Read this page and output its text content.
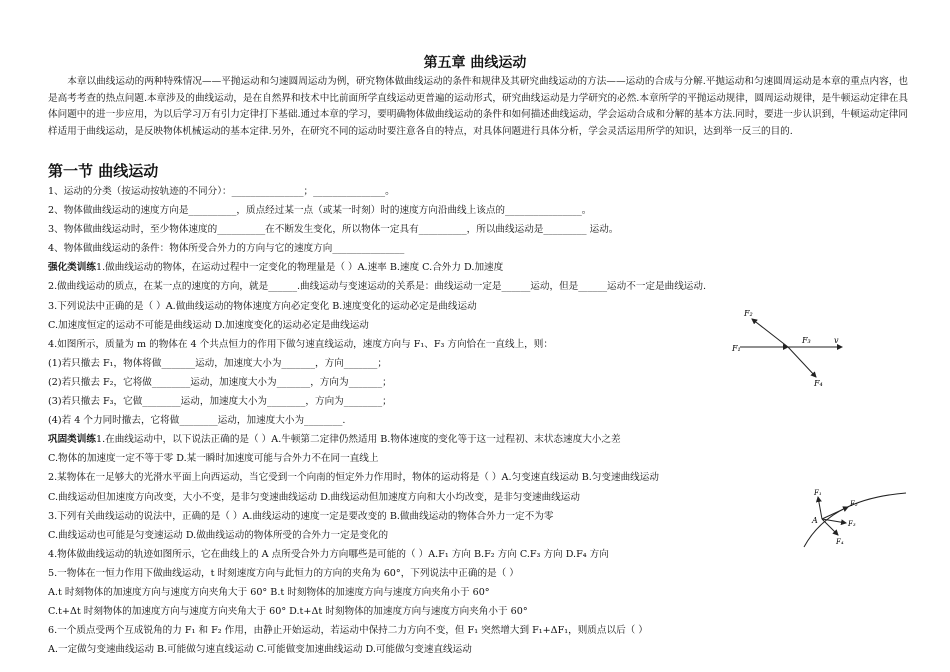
第五章 曲线运动

本章以曲线运动的两种特殊情况——平抛运动和匀速圆周运动为例，研究物体做曲线运动的条件和规律及其研究曲线运动的方法——运动的合成与分解.平抛运动和匀速圆周运动是本章的重点内容，也是高考考查的热点问题.本章涉及的曲线运动，是在自然界和技术中比前面所学直线运动更普遍的运动形式，研究曲线运动是力学研究的必然.本章所学的平抛运动规律，圆周运动规律，是牛顿运动定律在具体问题中的进一步应用，为以后学习万有引力定律打下基础.通过本章的学习，要明确物体做曲线运动的条件和如何描述曲线运动，学会运动合成和分解的基本方法.同时，要进一步认识到，牛顿运动定律同样适用于曲线运动，是反映物体机械运动的基本定律.另外，在研究不同的运动时要注意各自的特点，对具体问题进行具体分析，学会灵活运用所学的知识，达到举一反三的目的.

第一节 曲线运动
1、运动的分类（按运动按轨迹的不同分）：_______________；_______________。
2、物体做曲线运动的速度方向是__________，质点经过某一点（或某一时刻）时的速度方向沿曲线上该点的________________。
3、物体做曲线运动时，至少物体速度的__________在不断发生变化，所以物体一定具有__________，所以曲线运动是_________ 运动。
4、物体做曲线运动的条件：物体所受合外力的方向与它的速度方向_______________
强化类训练1.做曲线运动的物体，在运动过程中一定变化的物理量是（ ）A.速率 B.速度 C.合外力 D.加速度
2.做曲线运动的质点，在某一点的速度的方向，就是______.曲线运动与变速运动的关系是：曲线运动一定是______运动，但是______运动不一定是曲线运动.
3.下列说法中正确的是（ ）A.做曲线运动的物体速度方向必定变化 B.速度变化的运动必定是曲线运动
C.加速度恒定的运动不可能是曲线运动 D.加速度变化的运动必定是曲线运动
4.如图所示，质量为 m 的物体在 4 个共点恒力的作用下做匀速直线运动，速度方向与 F₁、F₃ 方向恰在一直线上，则：
(1)若只撤去 F₁，物体将做_______运动，加速度大小为_______，方向_______；
(2)若只撤去 F₂，它将做________运动，加速度大小为_______，方向为_______；
(3)若只撤去 F₃，它做________运动，加速度大小为________，方向为________；
(4)若 4 个力同时撤去，它将做________运动，加速度大小为________.
巩固类训练1.在曲线运动中，以下说法正确的是（ ）A.牛顿第二定律仍然适用 B.物体速度的变化等于这一过程初、末状态速度大小之差
C.物体的加速度一定不等于零 D.某一瞬时加速度可能与合外力不在同一直线上
2.某物体在一足够大的光滑水平面上向西运动，当它受到一个向南的恒定外力作用时，物体的运动将是（ ）A.匀变速直线运动 B.匀变速曲线运动
C.曲线运动但加速度方向改变，大小不变，是非匀变速曲线运动 D.曲线运动但加速度方向和大小均改变，是非匀变速曲线运动
3.下列有关曲线运动的说法中，正确的是（ ）A.曲线运动的速度一定是要改变的 B.做曲线运动的物体合外力一定不为零
C.曲线运动也可能是匀变速运动 D.做曲线运动的物体所受的合外力一定是变化的
4.物体做曲线运动的轨迹如图所示，它在曲线上的 A 点所受合外力方向哪些是可能的（ ）A.F₁ 方向 B.F₂ 方向 C.F₃ 方向 D.F₄ 方向
5.一物体在一恒力作用下做曲线运动，t 时刻速度方向与此恒力的方向的夹角为 60°，下列说法中正确的是（ ）
A.t 时刻物体的加速度方向与速度方向夹角大于 60° B.t 时刻物体的加速度方向与速度方向夹角小于 60°
C.t+Δt 时刻物体的加速度方向与速度方向夹角大于 60° D.t+Δt 时刻物体的加速度方向与速度方向夹角小于 60°
6.一个质点受两个互成锐角的力 F₁ 和 F₂ 作用，由静止开始运动，若运动中保持二力方向不变，但 F₁ 突然增大到 F₁+ΔF₁，则质点以后（ ）
A.一定做匀变速曲线运动 B.可能做匀速直线运动 C.可能做变加速曲线运动 D.可能做匀变速直线运动
F₁
F₂
F₃
F₄
v
A
F₁
F₂
F₃
F₄
